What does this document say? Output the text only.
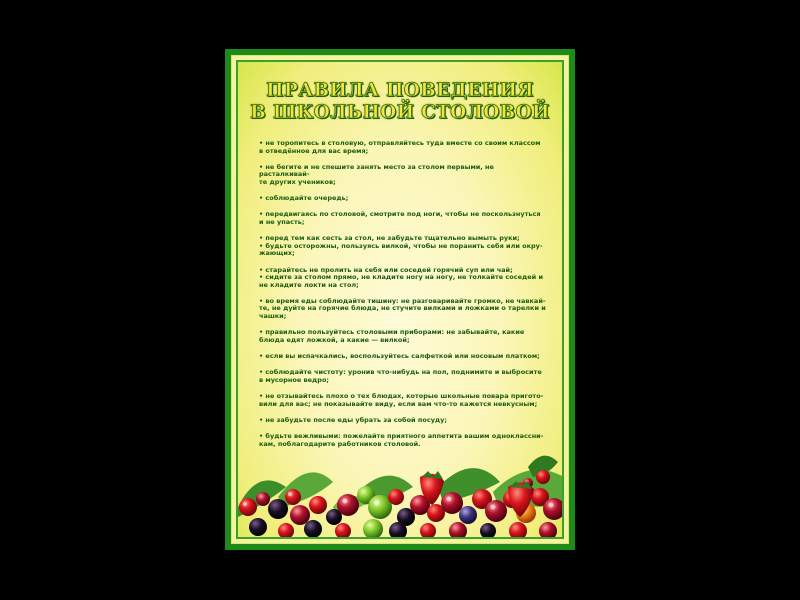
ПРАВИЛА ПОВЕДЕНИЯ
В ШКОЛЬНОЙ СТОЛОВОЙ
• не торопитесь в столовую, отправляйтесь туда вместе со своим классом
в отведённое для вас время;
• не бегите и не спешите занять место за столом первыми, не расталкивай-
те других учеников;
• соблюдайте очередь;
• передвигаясь по столовой, смотрите под ноги, чтобы не поскользнуться
и не упасть;
• перед тем как сесть за стол, не забудьте тщательно вымыть руки;
• будьте осторожны, пользуясь вилкой, чтобы не поранить себя или окру-
жающих;
• старайтесь не пролить на себя или соседей горячий суп или чай;
• сидите за столом прямо, не кладите ногу на ногу, не толкайте соседей и
не кладите локти на стол;
• во время еды соблюдайте тишину: не разговаривайте громко, не чавкай-
те, не дуйте на горячие блюда, не стучите вилками и ложками о тарелки и
чашки;
• правильно пользуйтесь столовыми приборами: не забывайте, какие
блюда едят ложкой, а какие — вилкой;
• если вы испачкались, воспользуйтесь салфеткой или носовым платком;
• соблюдайте чистоту: уронив что-нибудь на пол, поднимите и выбросите
в мусорное ведро;
• не отзывайтесь плохо о тех блюдах, которые школьные повара пригото-
вили для вас; не показывайте виду, если вам что-то кажется невкусным;
• не забудьте после еды убрать за собой посуду;
• будьте вежливыми: пожелайте приятного аппетита вашим одноклассни-
кам, поблагодарите работников столовой.
